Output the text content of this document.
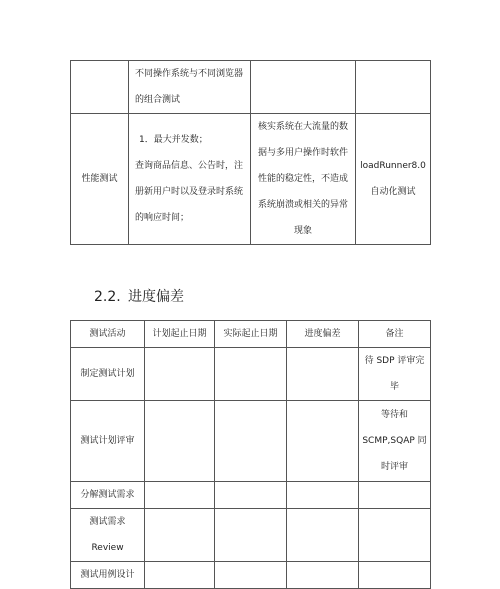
	不同操作系统与不同浏览器
的组合测试		

性能测试	1．最大并发数；
查询商品信息、公告时，注
册新用户时以及登录时系统
的响应时间；	核实系统在大流量的数
据与多用户操作时软件
性能的稳定性，不造成
系统崩溃或相关的异常
现象	loadRunner8.0
自动化测试
2.2. 进度偏差
测试活动	计划起止日期	实际起止日期	进度偏差	备注

制定测试计划				待 SDP 评审完
毕

测试计划评审				等待和
SCMP,SQAP 同
时评审

分解测试需求				

测试需求
Review				

测试用例设计				
